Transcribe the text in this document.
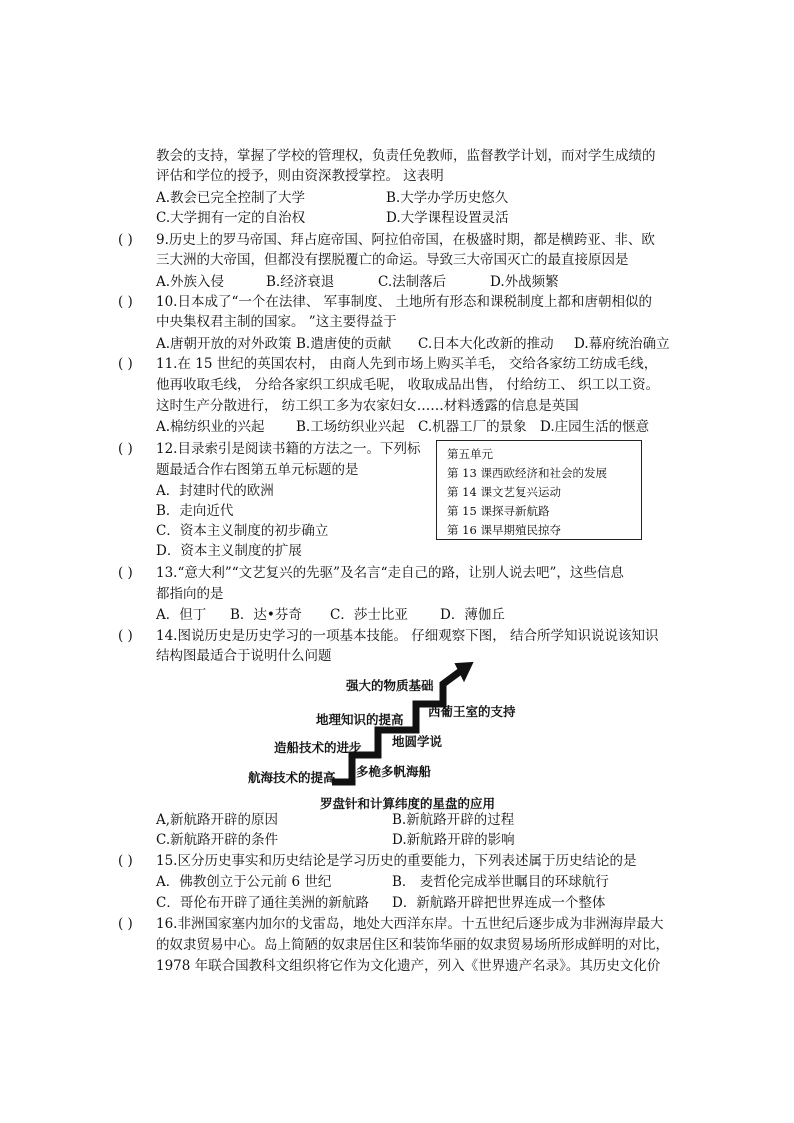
教会的支持，掌握了学校的管理权，负责任免教师，监督教学计划，而对学生成绩的
评估和学位的授予，则由资深教授掌控。 这表明
A.教会已完全控制了大学	B.大学办学历史悠久
C.大学拥有一定的自治权	D.大学课程设置灵活
( ) 9.历史上的罗马帝国、拜占庭帝国、阿拉伯帝国，在极盛时期，都是横跨亚、非、欧
三大洲的大帝国，但都没有摆脱覆亡的命运。导致三大帝国灭亡的最直接原因是
A.外族入侵	B.经济衰退	C.法制落后	D.外战频繁
( ) 10.日本成了“一个在法律、 军事制度、 土地所有形态和课税制度上都和唐朝相似的
中央集权君主制的国家。 ”这主要得益于
A.唐朝开放的对外政策 B.遣唐使的贡献 C.日本大化改新的推动 D.幕府统治确立
( ) 11.在 15 世纪的英国农村， 由商人先到市场上购买羊毛， 交给各家纺工纺成毛线，
他再收取毛线， 分给各家织工织成毛呢， 收取成品出售， 付给纺工、 织工以工资。
这时生产分散进行， 纺工织工多为农家妇女……材料透露的信息是英国
A.棉纺织业的兴起 B.工场纺织业兴起 C.机器工厂的景象 D.庄园生活的惬意
( ) 12.目录索引是阅读书籍的方法之一。下列标
题最适合作右图第五单元标题的是
A．封建时代的欧洲
B．走向近代
C．资本主义制度的初步确立
D．资本主义制度的扩展
第五单元
第 13 课西欧经济和社会的发展
第 14 课文艺复兴运动
第 15 课探寻新航路
第 16 课早期殖民掠夺
( ) 13.“意大利”“文艺复兴的先驱”及名言“走自己的路，让别人说去吧”，这些信息
都指向的是
A．但丁 B．达•芬奇 C．莎士比亚 D．薄伽丘
( ) 14.图说历史是历史学习的一项基本技能。 仔细观察下图， 结合所学知识说说该知识
结构图最适合于说明什么问题
强大的物质基础
地理知识的提高
造船技术的进步
航海技术的提高
西葡王室的支持
地圆学说
多桅多帆海船
罗盘针和计算纬度的星盘的应用
A,新航路开辟的原因	B.新航路开辟的过程
C.新航路开辟的条件	D.新航路开辟的影响
( ) 15.区分历史事实和历史结论是学习历史的重要能力，下列表述属于历史结论的是
A．佛教创立于公元前 6 世纪	B． 麦哲伦完成举世瞩目的环球航行
C．哥伦布开辟了通往美洲的新航路 D．新航路开辟把世界连成一个整体
( ) 16.非洲国家塞内加尔的戈雷岛，地处大西洋东岸。十五世纪后逐步成为非洲海岸最大
的奴隶贸易中心。岛上简陋的奴隶居住区和装饰华丽的奴隶贸易场所形成鲜明的对比，
1978 年联合国教科文组织将它作为文化遗产，列入《世界遗产名录》。其历史文化价
